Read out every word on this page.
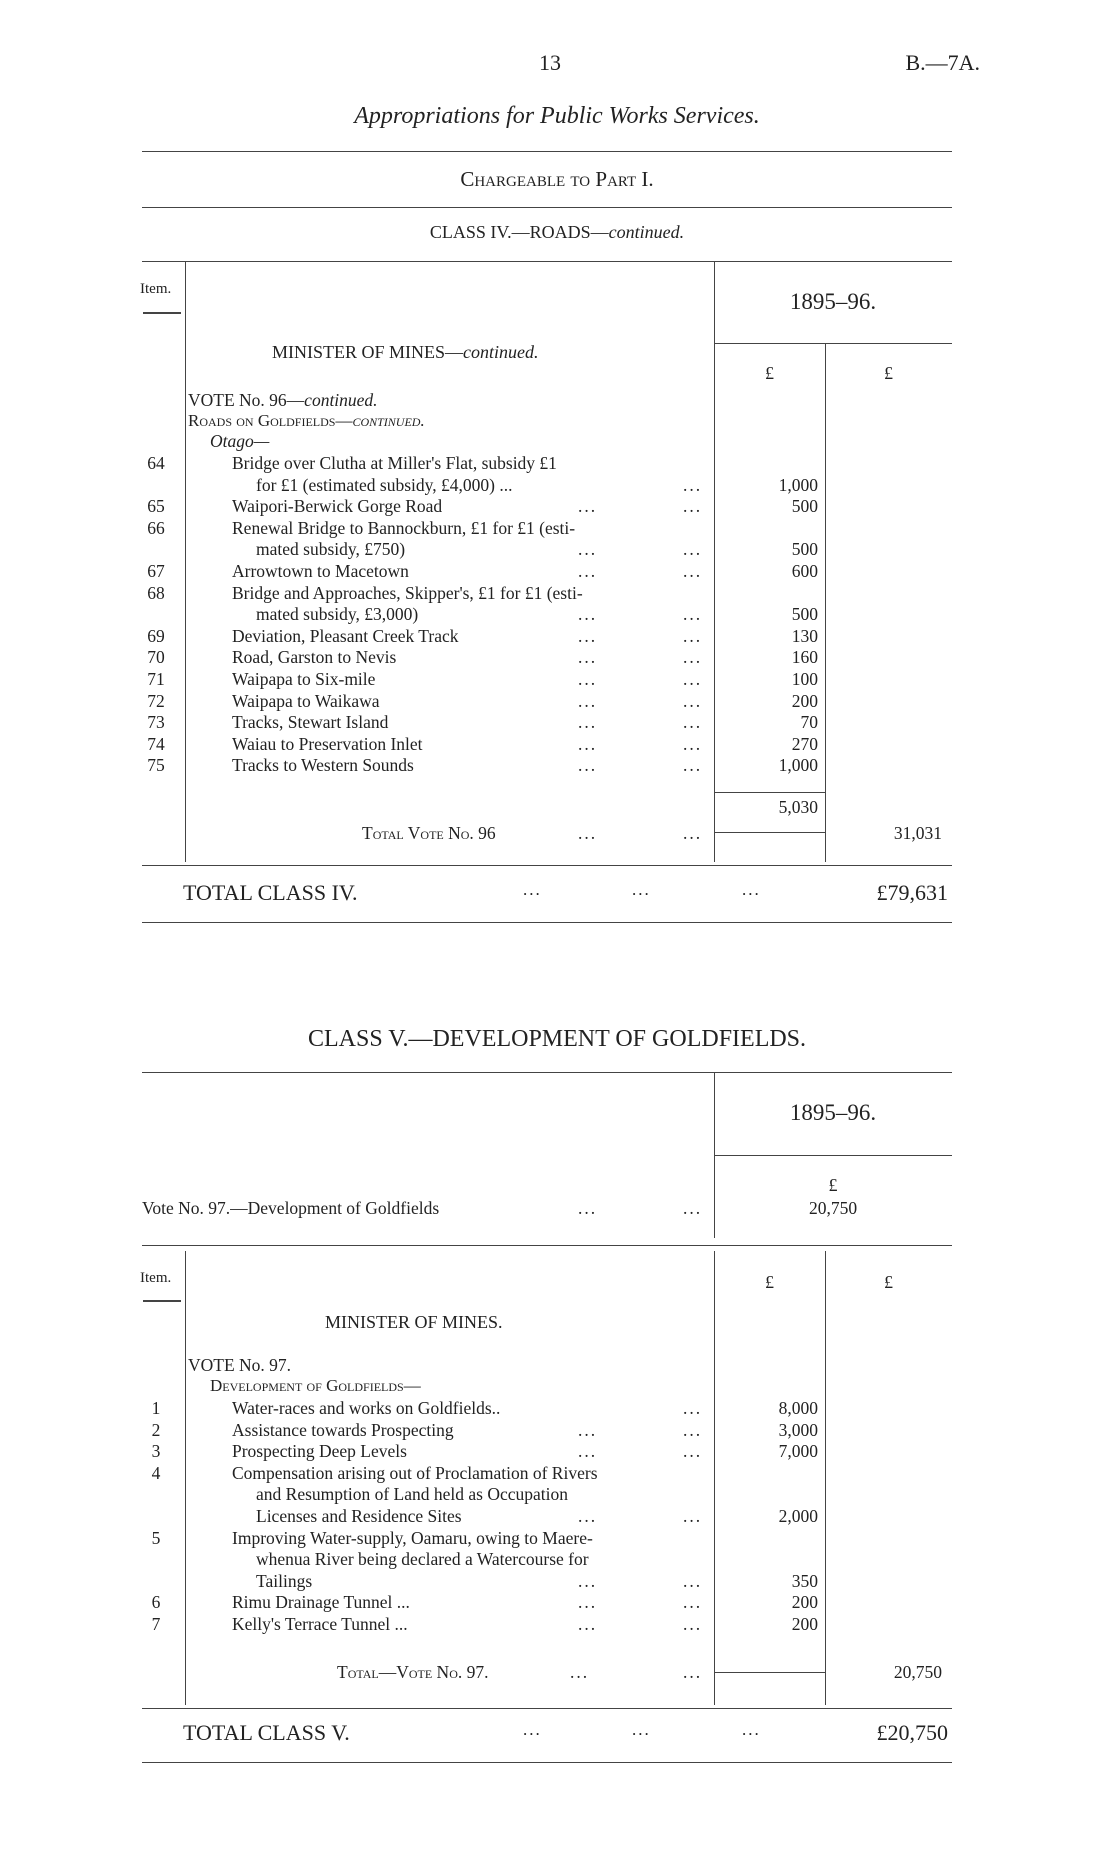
13	B.—7A.
Appropriations for Public Works Services.
Chargeable to Part I.
CLASS IV.—ROADS—continued.
Item.	1895–96.
£	£
MINISTER OF MINES—continued.
VOTE No. 96—continued.
Roads on Goldfields—continued.
Otago—
64	Bridge over Clutha at Miller's Flat, subsidy £1
for £1 (estimated subsidy, £4,000) ...	...	1,000
65	Waipori-Berwick Gorge Road	...	...	500
66	Renewal Bridge to Bannockburn, £1 for £1 (esti-
mated subsidy, £750)	...	...	500
67	Arrowtown to Macetown	...	...	600
68	Bridge and Approaches, Skipper's, £1 for £1 (esti-
mated subsidy, £3,000)	...	...	500
69	Deviation, Pleasant Creek Track	...	...	130
70	Road, Garston to Nevis	...	...	160
71	Waipapa to Six-mile	...	...	100
72	Waipapa to Waikawa	...	...	200
73	Tracks, Stewart Island	...	...	70
74	Waiau to Preservation Inlet	...	...	270
75	Tracks to Western Sounds	...	...	1,000
5,030
Total Vote No. 96	...	...	31,031
TOTAL CLASS IV.	...	...	...	£79,631
CLASS V.—DEVELOPMENT OF GOLDFIELDS.
1895–96.
£
Vote No. 97.—Development of Goldfields	...	...	20,750
Item.	£	£
MINISTER OF MINES.
VOTE No. 97.
Development of Goldfields—
1	Water-races and works on Goldfields..	...	8,000
2	Assistance towards Prospecting	...	...	3,000
3	Prospecting Deep Levels	...	...	7,000
4	Compensation arising out of Proclamation of Rivers
and Resumption of Land held as Occupation
Licenses and Residence Sites	...	...	2,000
5	Improving Water-supply, Oamaru, owing to Maere-
whenua River being declared a Watercourse for
Tailings	...	...	350
6	Rimu Drainage Tunnel ...	...	...	200
7	Kelly's Terrace Tunnel ...	...	...	200
Total—Vote No. 97.	...	...	20,750
TOTAL CLASS V.	...	...	...	£20,750
